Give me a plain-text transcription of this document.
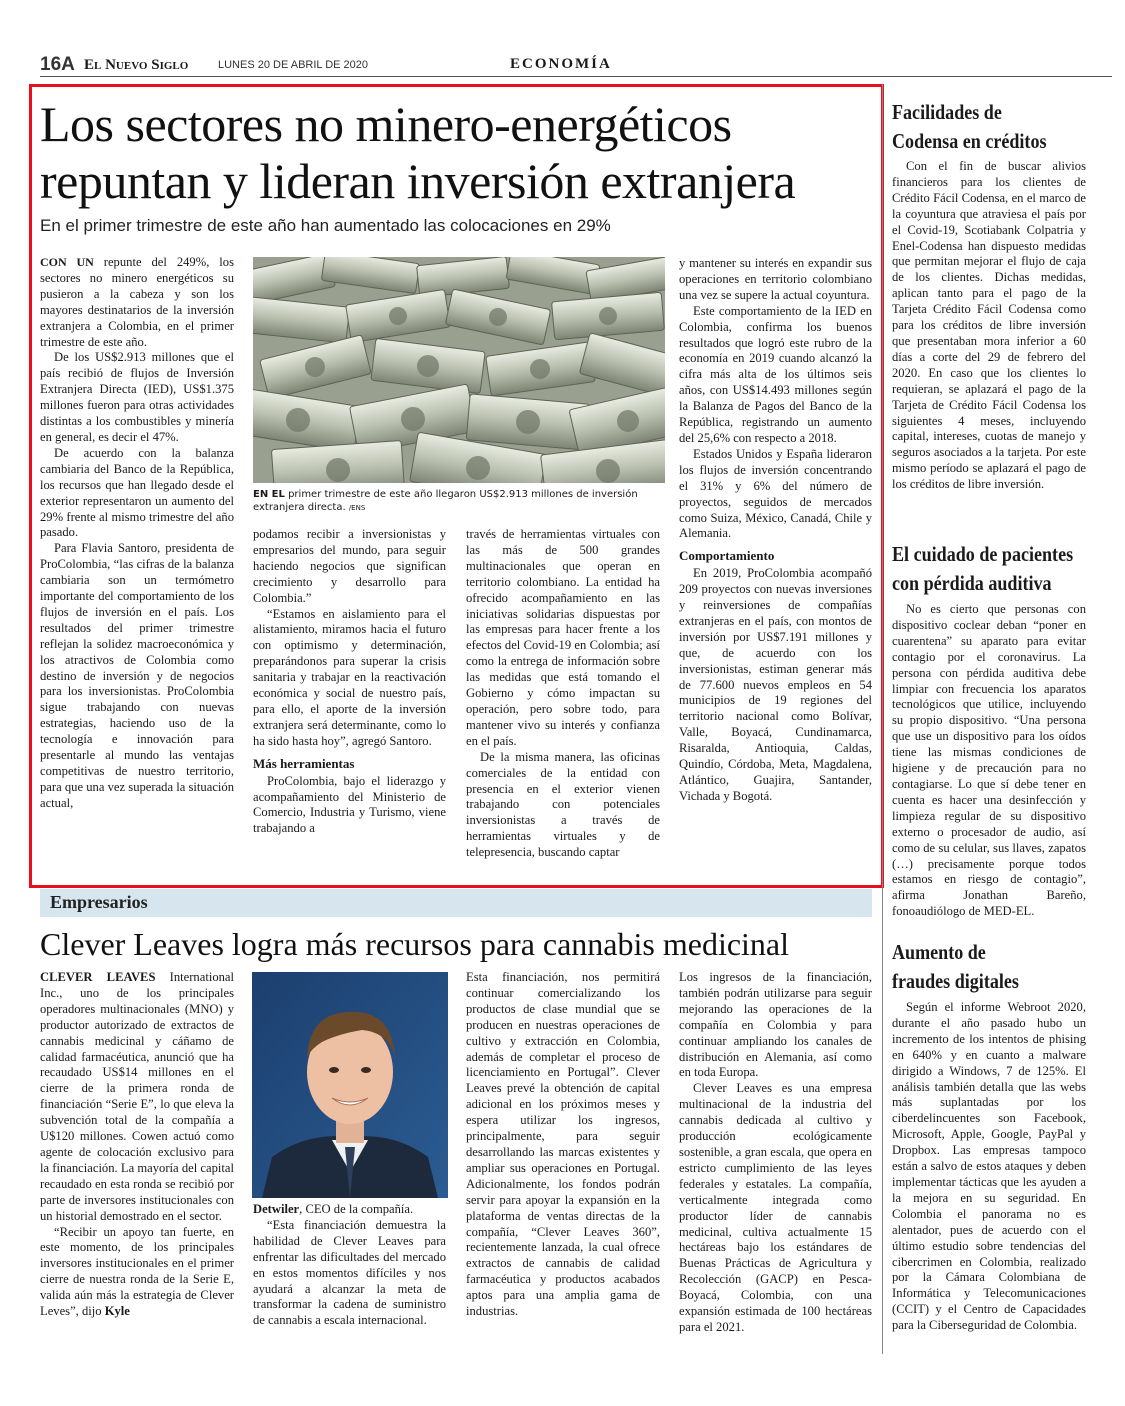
16A El Nuevo Siglo	LUNES 20 DE ABRIL DE 2020	ECONOMÍA
Los sectores no minero-energéticos
repuntan y lideran inversión extranjera
En el primer trimestre de este año han aumentado las colocaciones en 29%

CON UN repunte del 249%, los sectores no minero energéticos su pusieron a la cabeza y son los mayores destinatarios de la inversión extranjera a Colombia, en el primer trimestre de este año.

De los US$2.913 millones que el país recibió de flujos de Inversión Extranjera Directa (IED), US$1.375 millones fueron para otras actividades distintas a los combustibles y minería en general, es decir el 47%.

De acuerdo con la balanza cambiaria del Banco de la República, los recursos que han llegado desde el exterior representaron un aumento del 29% frente al mismo trimestre del año pasado.

Para Flavia Santoro, presidenta de ProColombia, “las cifras de la balanza cambiaria son un termómetro importante del comportamiento de los flujos de inversión en el país. Los resultados del primer trimestre reflejan la solidez macroeconómica y los atractivos de Colombia como destino de inversión y de negocios para los inversionistas. ProColombia sigue trabajando con nuevas estrategias, haciendo uso de la tecnología e innovación para presentarle al mundo las ventajas competitivas de nuestro territorio, para que una vez superada la situación actual,

EN EL primer trimestre de este año llegaron US$2.913 millones de inversión extranjera directa. /ENS

podamos recibir a inversionistas y empresarios del mundo, para seguir haciendo negocios que significan crecimiento y desarrollo para Colombia.”

“Estamos en aislamiento para el alistamiento, miramos hacia el futuro con optimismo y determinación, preparándonos para superar la crisis sanitaria y trabajar en la reactivación económica y social de nuestro país, para ello, el aporte de la inversión extranjera será determinante, como lo ha sido hasta hoy”, agregó Santoro.

Más herramientas

ProColombia, bajo el liderazgo y acompañamiento del Ministerio de Comercio, Industria y Turismo, viene trabajando a

través de herramientas virtuales con las más de 500 grandes multinacionales que operan en territorio colombiano. La entidad ha ofrecido acompañamiento en las iniciativas solidarias dispuestas por las empresas para hacer frente a los efectos del Covid-19 en Colombia; así como la entrega de información sobre las medidas que está tomando el Gobierno y cómo impactan su operación, pero sobre todo, para mantener vivo su interés y confianza en el país.

De la misma manera, las oficinas comerciales de la entidad con presencia en el exterior vienen trabajando con potenciales inversionistas a través de herramientas virtuales y de telepresencia, buscando captar

y mantener su interés en expandir sus operaciones en territorio colombiano una vez se supere la actual coyuntura.

Este comportamiento de la IED en Colombia, confirma los buenos resultados que logró este rubro de la economía en 2019 cuando alcanzó la cifra más alta de los últimos seis años, con US$14.493 millones según la Balanza de Pagos del Banco de la República, registrando un aumento del 25,6% con respecto a 2018.

Estados Unidos y España lideraron los flujos de inversión concentrando el 31% y 6% del número de proyectos, seguidos de mercados como Suiza, México, Canadá, Chile y Alemania.

Comportamiento

En 2019, ProColombia acompañó 209 proyectos con nuevas inversiones y reinversiones de compañías extranjeras en el país, con montos de inversión por US$7.191 millones y que, de acuerdo con los inversionistas, estiman generar más de 77.600 nuevos empleos en 54 municipios de 19 regiones del territorio nacional como Bolívar, Valle, Boyacá, Cundinamarca, Risaralda, Antioquia, Caldas, Quindío, Córdoba, Meta, Magdalena, Atlántico, Guajira, Santander, Vichada y Bogotá.

Empresarios
Clever Leaves logra más recursos para cannabis medicinal

CLEVER LEAVES International Inc., uno de los principales operadores multinacionales (MNO) y productor autorizado de extractos de cannabis medicinal y cáñamo de calidad farmacéutica, anunció que ha recaudado US$14 millones en el cierre de la primera ronda de financiación “Serie E”, lo que eleva la subvención total de la compañía a U$120 millones. Cowen actuó como agente de colocación exclusivo para la financiación. La mayoría del capital recaudado en esta ronda se recibió por parte de inversores institucionales con un historial demostrado en el sector.

“Recibir un apoyo tan fuerte, en este momento, de los principales inversores institucionales en el primer cierre de nuestra ronda de la Serie E, valida aún más la estrategia de Clever Leves”, dijo Kyle

Detwiler, CEO de la compañía.

“Esta financiación demuestra la habilidad de Clever Leaves para enfrentar las dificultades del mercado en estos momentos difíciles y nos ayudará a alcanzar la meta de transformar la cadena de suministro de cannabis a escala internacional.

Esta financiación, nos permitirá continuar comercializando los productos de clase mundial que se producen en nuestras operaciones de cultivo y extracción en Colombia, además de completar el proceso de licenciamiento en Portugal”. Clever Leaves prevé la obtención de capital adicional en los próximos meses y espera utilizar los ingresos, principalmente, para seguir desarrollando las marcas existentes y ampliar sus operaciones en Portugal. Adicionalmente, los fondos podrán servir para apoyar la expansión en la plataforma de ventas directas de la compañía, “Clever Leaves 360”, recientemente lanzada, la cual ofrece extractos de cannabis de calidad farmacéutica y productos acabados aptos para una amplia gama de industrias.

Los ingresos de la financiación, también podrán utilizarse para seguir mejorando las operaciones de la compañía en Colombia y para continuar ampliando los canales de distribución en Alemania, así como en toda Europa.

Clever Leaves es una empresa multinacional de la industria del cannabis dedicada al cultivo y producción ecológicamente sostenible, a gran escala, que opera en estricto cumplimiento de las leyes federales y estatales. La compañía, verticalmente integrada como productor líder de cannabis medicinal, cultiva actualmente 15 hectáreas bajo los estándares de Buenas Prácticas de Agricultura y Recolección (GACP) en Pesca-Boyacá, Colombia, con una expansión estimada de 100 hectáreas para el 2021.

Facilidades de
Codensa en créditos

Con el fin de buscar alivios financieros para los clientes de Crédito Fácil Codensa, en el marco de la coyuntura que atraviesa el país por el Covid-19, Scotiabank Colpatria y Enel-Codensa han dispuesto medidas que permitan mejorar el flujo de caja de los clientes. Dichas medidas, aplican tanto para el pago de la Tarjeta Crédito Fácil Codensa como para los créditos de libre inversión que presentaban mora inferior a 60 días a corte del 29 de febrero del 2020. En caso que los clientes lo requieran, se aplazará el pago de la Tarjeta de Crédito Fácil Codensa los siguientes 4 meses, incluyendo capital, intereses, cuotas de manejo y seguros asociados a la tarjeta. Por este mismo período se aplazará el pago de los créditos de libre inversión.

El cuidado de pacientes
con pérdida auditiva

No es cierto que personas con dispositivo coclear deban “poner en cuarentena” su aparato para evitar contagio por el coronavirus. La persona con pérdida auditiva debe limpiar con frecuencia los aparatos tecnológicos que utilice, incluyendo su propio dispositivo. “Una persona que use un dispositivo para los oídos tiene las mismas condiciones de higiene y de precaución para no contagiarse. Lo que sí debe tener en cuenta es hacer una desinfección y limpieza regular de su dispositivo externo o procesador de audio, así como de su celular, sus llaves, zapatos (…) precisamente porque todos estamos en riesgo de contagio”, afirma Jonathan Bareño, fonoaudiólogo de MED-EL.

Aumento de
fraudes digitales

Según el informe Webroot 2020, durante el año pasado hubo un incremento de los intentos de phising en 640% y en cuanto a malware dirigido a Windows, 7 de 125%. El análisis también detalla que las webs más suplantadas por los ciberdelincuentes son Facebook, Microsoft, Apple, Google, PayPal y Dropbox. Las empresas tampoco están a salvo de estos ataques y deben implementar tácticas que les ayuden a la mejora en su seguridad. En Colombia el panorama no es alentador, pues de acuerdo con el último estudio sobre tendencias del cibercrimen en Colombia, realizado por la Cámara Colombiana de Informática y Telecomunicaciones (CCIT) y el Centro de Capacidades para la Ciberseguridad de Colombia.
